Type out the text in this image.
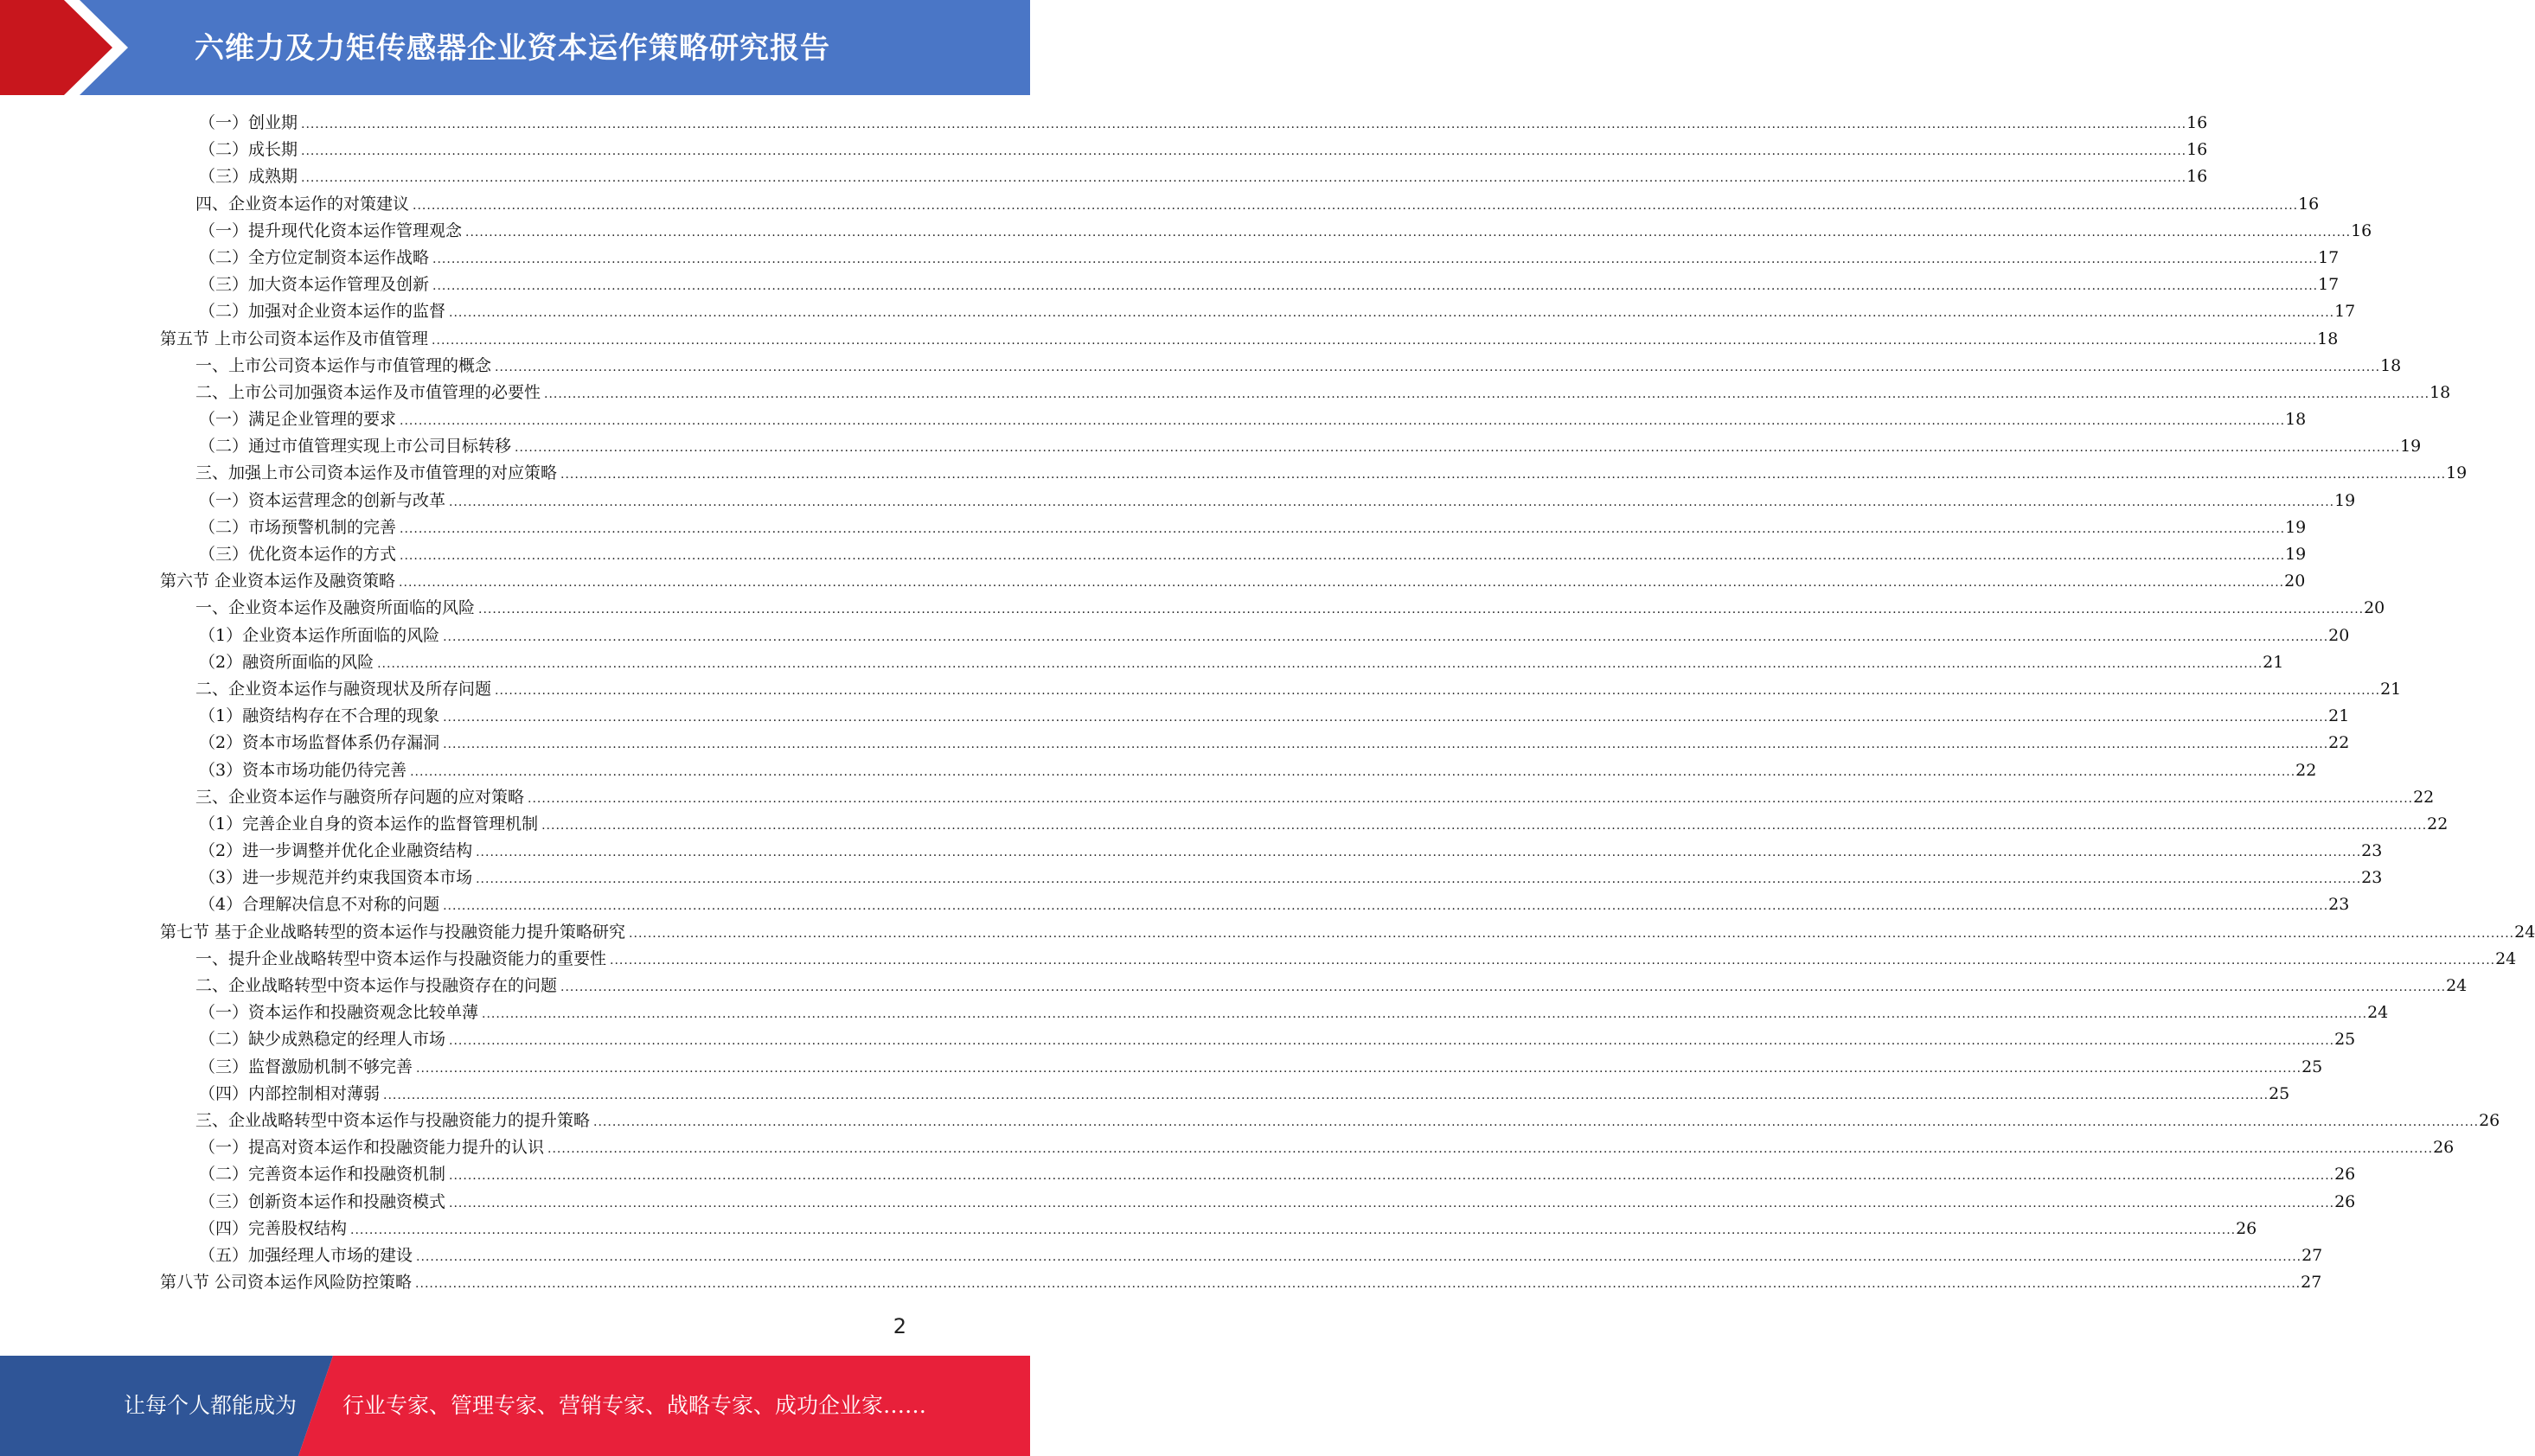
六维力及力矩传感器企业资本运作策略研究报告
（一）创业期 ................................................................................................................................................................................................................................................................................................................................................................................................................ 16
（二）成长期 ................................................................................................................................................................................................................................................................................................................................................................................................................ 16
（三）成熟期 ................................................................................................................................................................................................................................................................................................................................................................................................................ 16
四、企业资本运作的对策建议 ................................................................................................................................................................................................................................................................................................................................................................................................................ 16
（一）提升现代化资本运作管理观念 ................................................................................................................................................................................................................................................................................................................................................................................................................ 16
（二）全方位定制资本运作战略 ................................................................................................................................................................................................................................................................................................................................................................................................................ 17
（三）加大资本运作管理及创新 ................................................................................................................................................................................................................................................................................................................................................................................................................ 17
（二）加强对企业资本运作的监督 ................................................................................................................................................................................................................................................................................................................................................................................................................ 17
第五节 上市公司资本运作及市值管理 ................................................................................................................................................................................................................................................................................................................................................................................................................ 18
一、上市公司资本运作与市值管理的概念 ................................................................................................................................................................................................................................................................................................................................................................................................................ 18
二、上市公司加强资本运作及市值管理的必要性 ................................................................................................................................................................................................................................................................................................................................................................................................................ 18
（一）满足企业管理的要求 ................................................................................................................................................................................................................................................................................................................................................................................................................ 18
（二）通过市值管理实现上市公司目标转移 ................................................................................................................................................................................................................................................................................................................................................................................................................ 19
三、加强上市公司资本运作及市值管理的对应策略 ................................................................................................................................................................................................................................................................................................................................................................................................................ 19
（一）资本运营理念的创新与改革 ................................................................................................................................................................................................................................................................................................................................................................................................................ 19
（二）市场预警机制的完善 ................................................................................................................................................................................................................................................................................................................................................................................................................ 19
（三）优化资本运作的方式 ................................................................................................................................................................................................................................................................................................................................................................................................................ 19
第六节 企业资本运作及融资策略 ................................................................................................................................................................................................................................................................................................................................................................................................................ 20
一、企业资本运作及融资所面临的风险 ................................................................................................................................................................................................................................................................................................................................................................................................................ 20
（1）企业资本运作所面临的风险 ................................................................................................................................................................................................................................................................................................................................................................................................................ 20
（2）融资所面临的风险 ................................................................................................................................................................................................................................................................................................................................................................................................................ 21
二、企业资本运作与融资现状及所存问题 ................................................................................................................................................................................................................................................................................................................................................................................................................ 21
（1）融资结构存在不合理的现象 ................................................................................................................................................................................................................................................................................................................................................................................................................ 21
（2）资本市场监督体系仍存漏洞 ................................................................................................................................................................................................................................................................................................................................................................................................................ 22
（3）资本市场功能仍待完善 ................................................................................................................................................................................................................................................................................................................................................................................................................ 22
三、企业资本运作与融资所存问题的应对策略 ................................................................................................................................................................................................................................................................................................................................................................................................................ 22
（1）完善企业自身的资本运作的监督管理机制 ................................................................................................................................................................................................................................................................................................................................................................................................................ 22
（2）进一步调整并优化企业融资结构 ................................................................................................................................................................................................................................................................................................................................................................................................................ 23
（3）进一步规范并约束我国资本市场 ................................................................................................................................................................................................................................................................................................................................................................................................................ 23
（4）合理解决信息不对称的问题 ................................................................................................................................................................................................................................................................................................................................................................................................................ 23
第七节 基于企业战略转型的资本运作与投融资能力提升策略研究 ................................................................................................................................................................................................................................................................................................................................................................................................................ 24
一、提升企业战略转型中资本运作与投融资能力的重要性 ................................................................................................................................................................................................................................................................................................................................................................................................................ 24
二、企业战略转型中资本运作与投融资存在的问题 ................................................................................................................................................................................................................................................................................................................................................................................................................ 24
（一）资本运作和投融资观念比较单薄 ................................................................................................................................................................................................................................................................................................................................................................................................................ 24
（二）缺少成熟稳定的经理人市场 ................................................................................................................................................................................................................................................................................................................................................................................................................ 25
（三）监督激励机制不够完善 ................................................................................................................................................................................................................................................................................................................................................................................................................ 25
（四）内部控制相对薄弱 ................................................................................................................................................................................................................................................................................................................................................................................................................ 25
三、企业战略转型中资本运作与投融资能力的提升策略 ................................................................................................................................................................................................................................................................................................................................................................................................................ 26
（一）提高对资本运作和投融资能力提升的认识 ................................................................................................................................................................................................................................................................................................................................................................................................................ 26
（二）完善资本运作和投融资机制 ................................................................................................................................................................................................................................................................................................................................................................................................................ 26
（三）创新资本运作和投融资模式 ................................................................................................................................................................................................................................................................................................................................................................................................................ 26
（四）完善股权结构 ................................................................................................................................................................................................................................................................................................................................................................................................................ 26
（五）加强经理人市场的建设 ................................................................................................................................................................................................................................................................................................................................................................................................................ 27
第八节 公司资本运作风险防控策略 ................................................................................................................................................................................................................................................................................................................................................................................................................ 27
2
让每个人都能成为 行业专家、管理专家、营销专家、战略专家、成功企业家……
